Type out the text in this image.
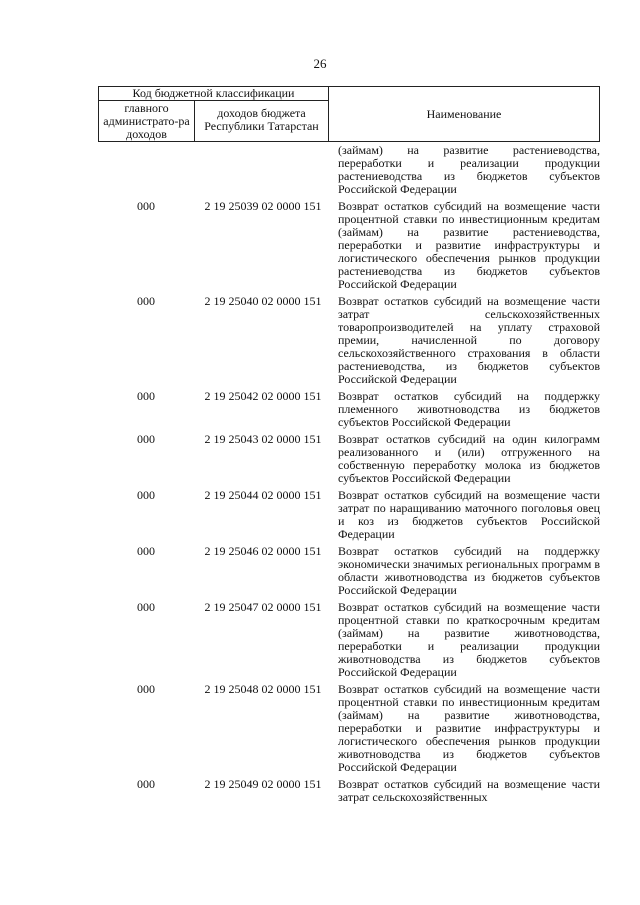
26
Код бюджетной классификации
главного администрато-ра доходов
доходов бюджета Республики Татарстан
Наименование
(займам) на развитие растениеводства, переработки и реализации продукции растениеводства из бюджетов субъектов Российской Федерации
000	2 19 25039 02 0000 151	Возврат остатков субсидий на возмещение части процентной ставки по инвестиционным кредитам (займам) на развитие растениеводства, переработки и развитие инфраструктуры и логистического обеспечения рынков продукции растениеводства из бюджетов субъектов Российской Федерации
000	2 19 25040 02 0000 151	Возврат остатков субсидий на возмещение части затрат сельскохозяйственных товаропроизводителей на уплату страховой премии, начисленной по договору сельскохозяйственного страхования в области растениеводства, из бюджетов субъектов Российской Федерации
000	2 19 25042 02 0000 151	Возврат остатков субсидий на поддержку племенного животноводства из бюджетов субъектов Российской Федерации
000	2 19 25043 02 0000 151	Возврат остатков субсидий на один килограмм реализованного и (или) отгруженного на собственную переработку молока из бюджетов субъектов Российской Федерации
000	2 19 25044 02 0000 151	Возврат остатков субсидий на возмещение части затрат по наращиванию маточного поголовья овец и коз из бюджетов субъектов Российской Федерации
000	2 19 25046 02 0000 151	Возврат остатков субсидий на поддержку экономически значимых региональных программ в области животноводства из бюджетов субъектов Российской Федерации
000	2 19 25047 02 0000 151	Возврат остатков субсидий на возмещение части процентной ставки по краткосрочным кредитам (займам) на развитие животноводства, переработки и реализации продукции животноводства из бюджетов субъектов Российской Федерации
000	2 19 25048 02 0000 151	Возврат остатков субсидий на возмещение части процентной ставки по инвестиционным кредитам (займам) на развитие животноводства, переработки и развитие инфраструктуры и логистического обеспечения рынков продукции животноводства из бюджетов субъектов Российской Федерации
000	2 19 25049 02 0000 151	Возврат остатков субсидий на возмещение части затрат сельскохозяйственных
